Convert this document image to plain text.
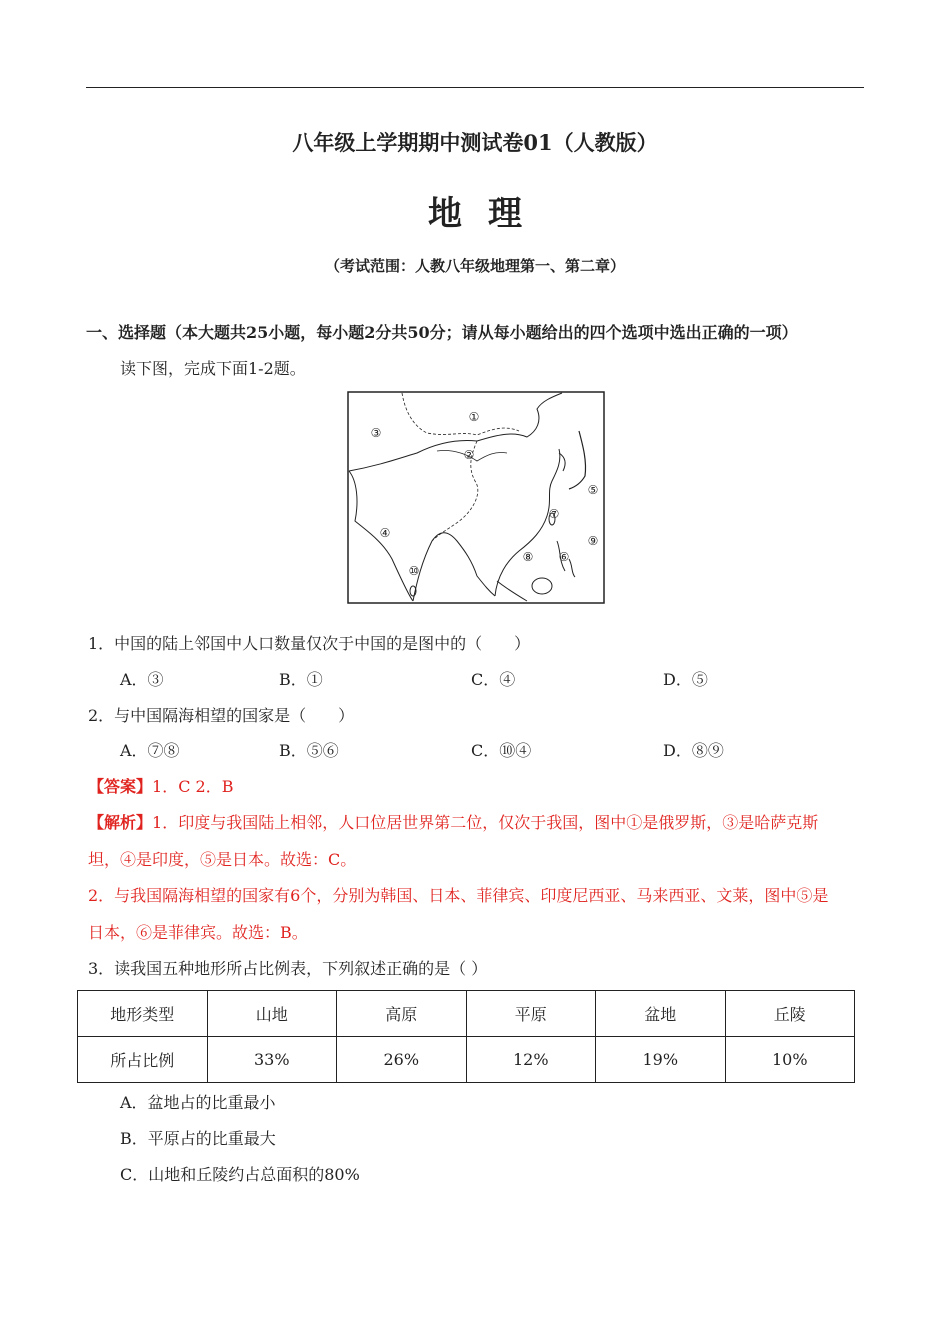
八年级上学期期中测试卷01（人教版）
地理
（考试范围：人教八年级地理第一、第二章）
一、选择题（本大题共25小题，每小题2分共50分；请从每小题给出的四个选项中选出正确的一项）
读下图，完成下面1-2题。
①
②
③
④
⑤
⑥
⑦
⑧
⑨
⑩
1．中国的陆上邻国中人口数量仅次于中国的是图中的（　　）
A．③	B．①	C．④	D．⑤
2．与中国隔海相望的国家是（　　）
A．⑦⑧	B．⑤⑥	C．⑩④	D．⑧⑨
【答案】1．C 2．B
【解析】1．印度与我国陆上相邻，人口位居世界第二位，仅次于我国，图中①是俄罗斯，③是哈萨克斯
坦，④是印度，⑤是日本。故选：C。
2．与我国隔海相望的国家有6个，分别为韩国、日本、菲律宾、印度尼西亚、马来西亚、文莱，图中⑤是
日本，⑥是菲律宾。故选：B。
3．读我国五种地形所占比例表，下列叙述正确的是（ ）
地形类型	山地	高原	平原	盆地	丘陵
所占比例	33%	26%	12%	19%	10%
A．盆地占的比重最小
B．平原占的比重最大
C．山地和丘陵约占总面积的80%
